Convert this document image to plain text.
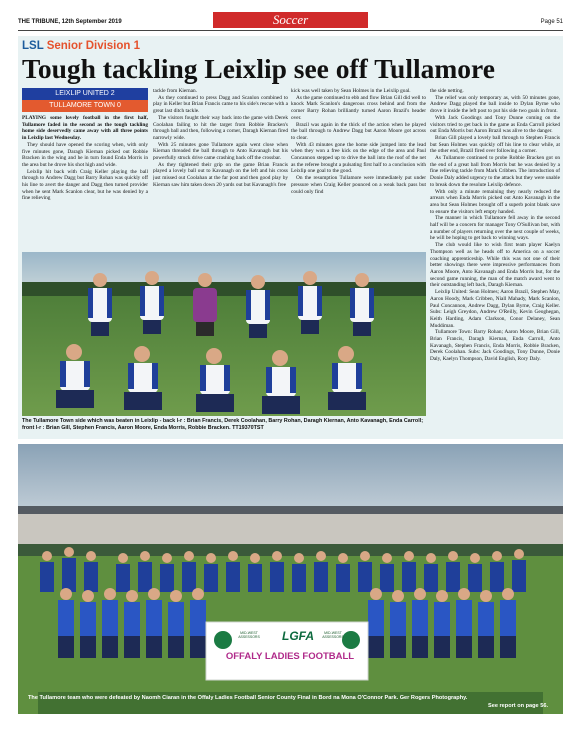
THE TRIBUNE, 12th September 2019	Soccer	Page 51
LSL Senior Division 1
Tough tackling Leixlip see off Tullamore
LEIXLIP UNITED 2
TULLAMORE TOWN 0

PLAYING some lovely football in the first half, Tullamore faded in the second as the tough tackling home side deservedly came away with all three points in Leixlip last Wednesday.

They should have opened the scoring when, with only five minutes gone, Daragh Kiernan picked out Robbie Bracken in the wing and he in turn found Enda Morris in the area but he drove his shot high and wide.

Leixlip hit back with Craig Keller playing the ball through to Andrew Dagg but Barry Rohan was quickly off his line to avert the danger and Dagg then turned provider when he sent Mark Scanlon clear, but he was denied by a fine relieving

tackle from Kiernan.

As they continued to press Dagg and Scanlon combined to play in Keller but Brian Francis came to his side's rescue with a great last ditch tackle.

The visitors fought their way back into the game with Derek Coolahan failing to hit the target from Robbie Bracken's through ball and then, following a corner, Daragh Kiernan fired narrowly wide.

With 25 minutes gone Tullamore again went close when Kiernan threaded the ball through to Anto Kavanagh but his powerfully struck drive came crashing back off the crossbar.

As they tightened their grip on the game Brian Francis played a lovely ball out to Kavanagh on the left and his cross just missed out Coolahan at the far post and then good play by Kiernan saw him taken down 20 yards out but Kavanagh's free

kick was well taken by Sean Holmes in the Leixlip goal.

As the game continued to ebb and flow Brian Gill did well to knock Mark Scanlon's dangerous cross behind and from the corner Barry Rohan brilliantly turned Aaron Brazil's header over.

Brazil was again in the thick of the action when he played the ball through to Andrew Dagg but Aaron Moore got across to clear.

With 43 minutes gone the home side jumped into the lead when they won a free kick on the edge of the area and Paul Concannon stepped up to drive the ball into the roof of the net as the referee brought a pulsating first half to a conclusion with Leixlip one goal to the good.

On the resumption Tullamore were immediately put under pressure when Craig Keller pounced on a weak back pass but could only find

the side netting.

The relief was only temporary as, with 50 minutes gone, Andrew Dagg played the ball inside to Dylan Byrne who drove it inside the left post to put his side two goals in front.

With Jack Goodings and Tony Dunne coming on the visitors tried to get back in the game as Enda Carroll picked out Enda Morris but Aaron Brazil was alive to the danger.

Brian Gill played a lovely ball through to Stephen Francis but Sean Holmes was quickly off his line to clear while, at the other end, Brazil fired over following a corner.

As Tullamore continued to probe Robbie Bracken got on the end of a great ball from Morris but he was denied by a fine relieving tackle from Mark Cribben. The introduction of Donie Daly added urgency to the attack but they were unable to break down the resolute Leixlip defence.

With only a minute remaining they nearly reduced the arrears when Enda Morris picked out Anto Kavanagh in the area but Sean Holmes brought off a superb point blank save to ensure the visitors left empty handed.

The manner in which Tullamore fell away in the second half will be a concern for manager Tony O'Sullivan but, with a number of players returning over the next couple of weeks, he will be hoping to get back to winning ways.

The club would like to wish first team player Kaelyn Thompson well as he heads off to America on a soccer coaching apprenticeship. While this was not one of their better showings there were impressive performances from Aaron Moore, Anto Kavanagh and Enda Morris but, for the second game running, the man of the match award went to their outstanding left back, Daragh Kiernan.

Leixlip United: Sean Holmes; Aaron Brazil, Stephen May, Aaron Hoody, Mark Cribben, Niall Mahady, Mark Scanlon, Paul Concannon, Andrew Dagg, Dylan Byrne, Craig Keller. Subs: Leigh Greydon, Andrew O'Reilly, Kevin Geoghegan, Keith Harding, Adam Clarkson, Conor Delaney, Sean Muddiman.

Tullamore Town: Barry Rohan; Aaron Moore, Brian Gill, Brian Francis, Daragh Kiernan, Enda Carroll, Anto Kavanagh, Stephen Francis, Enda Morris, Robbie Bracken, Derek Coolahan. Subs: Jack Goodings, Tony Dunne, Donie Daly, Kaelyn Thompson, David English, Rory Daly.

The Tullamore Town side which was beaten in Leixlip - back l-r : Brian Francis, Derek Coolahan, Barry Rohan, Daragh Kiernan, Anto Kavanagh, Enda Carroll; front l-r : Brian Gill, Stephen Francis, Aaron Moore, Enda Morris, Robbie Bracken. TT19370TST
LGFA
MID-WEST ASSESSORS
MID-WEST ASSESSORS
OFFALY LADIES FOOTBALL
The Tullamore team who were defeated by Naomh Ciaran in the Offaly Ladies Football Senior County Final in Bord na Mona O'Connor Park. Ger Rogers Photography.
See report on page 56.
